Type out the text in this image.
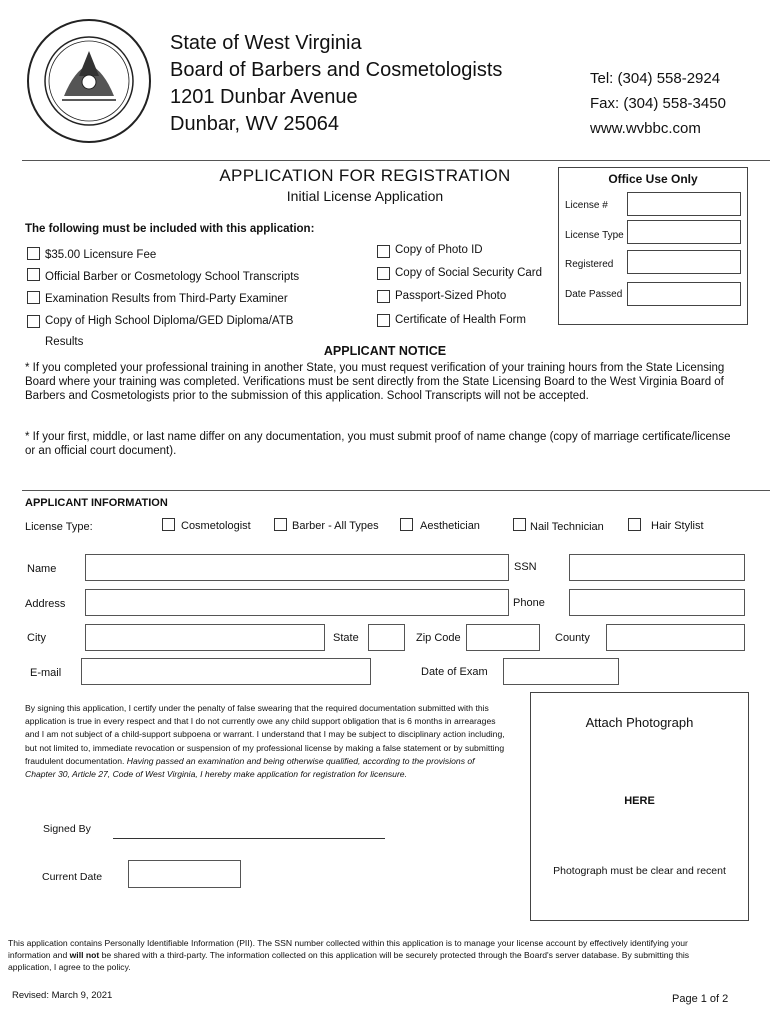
State of West Virginia
Board of Barbers and Cosmetologists
1201 Dunbar Avenue
Dunbar, WV 25064
Tel: (304) 558-2924
Fax: (304) 558-3450
www.wvbbc.com
APPLICATION FOR REGISTRATION
Initial License Application
Office Use Only
License #
License Type
Registered
Date Passed
The following must be included with this application:
$35.00 Licensure Fee
Official Barber or Cosmetology School Transcripts
Examination Results from Third-Party Examiner
Copy of High School Diploma/GED Diploma/ATB
Results
Copy of Photo ID
Copy of Social Security Card
Passport-Sized Photo
Certificate of Health Form
APPLICANT NOTICE
* If you completed your professional training in another State, you must request verification of your training hours from the State Licensing Board where your training was completed. Verifications must be sent directly from the State Licensing Board to the West Virginia Board of Barbers and Cosmetologists prior to the submission of this application. School Transcripts will not be accepted.
* If your first, middle, or last name differ on any documentation, you must submit proof of name change (copy of marriage certificate/license or an official court document).
APPLICANT INFORMATION
License Type:	Cosmetologist	Barber - All Types	Aesthetician	Nail Technician	Hair Stylist
Name	SSN
Address	Phone
City	State	Zip Code	County
E-mail	Date of Exam
By signing this application, I certify under the penalty of false swearing that the required documentation submitted with this application is true in every respect and that I do not currently owe any child support obligation that is 6 months in arrearages and I am not subject of a child-support subpoena or warrant. I understand that I may be subject to disciplinary action including, but not limited to, immediate revocation or suspension of my professional license by making a false statement or by submitting fraudulent documentation. Having passed an examination and being otherwise qualified, according to the provisions of Chapter 30, Article 27, Code of West Virginia, I hereby make application for registration for licensure.
Signed By
Current Date
Attach Photograph
HERE
Photograph must be clear and recent
This application contains Personally Identifiable Information (PII). The SSN number collected within this application is to manage your license account by effectively identifying your information and will not be shared with a third-party. The information collected on this application will be securely protected through the Board's server database. By submitting this application, I agree to the policy.
Revised: March 9, 2021	Page 1 of 2
